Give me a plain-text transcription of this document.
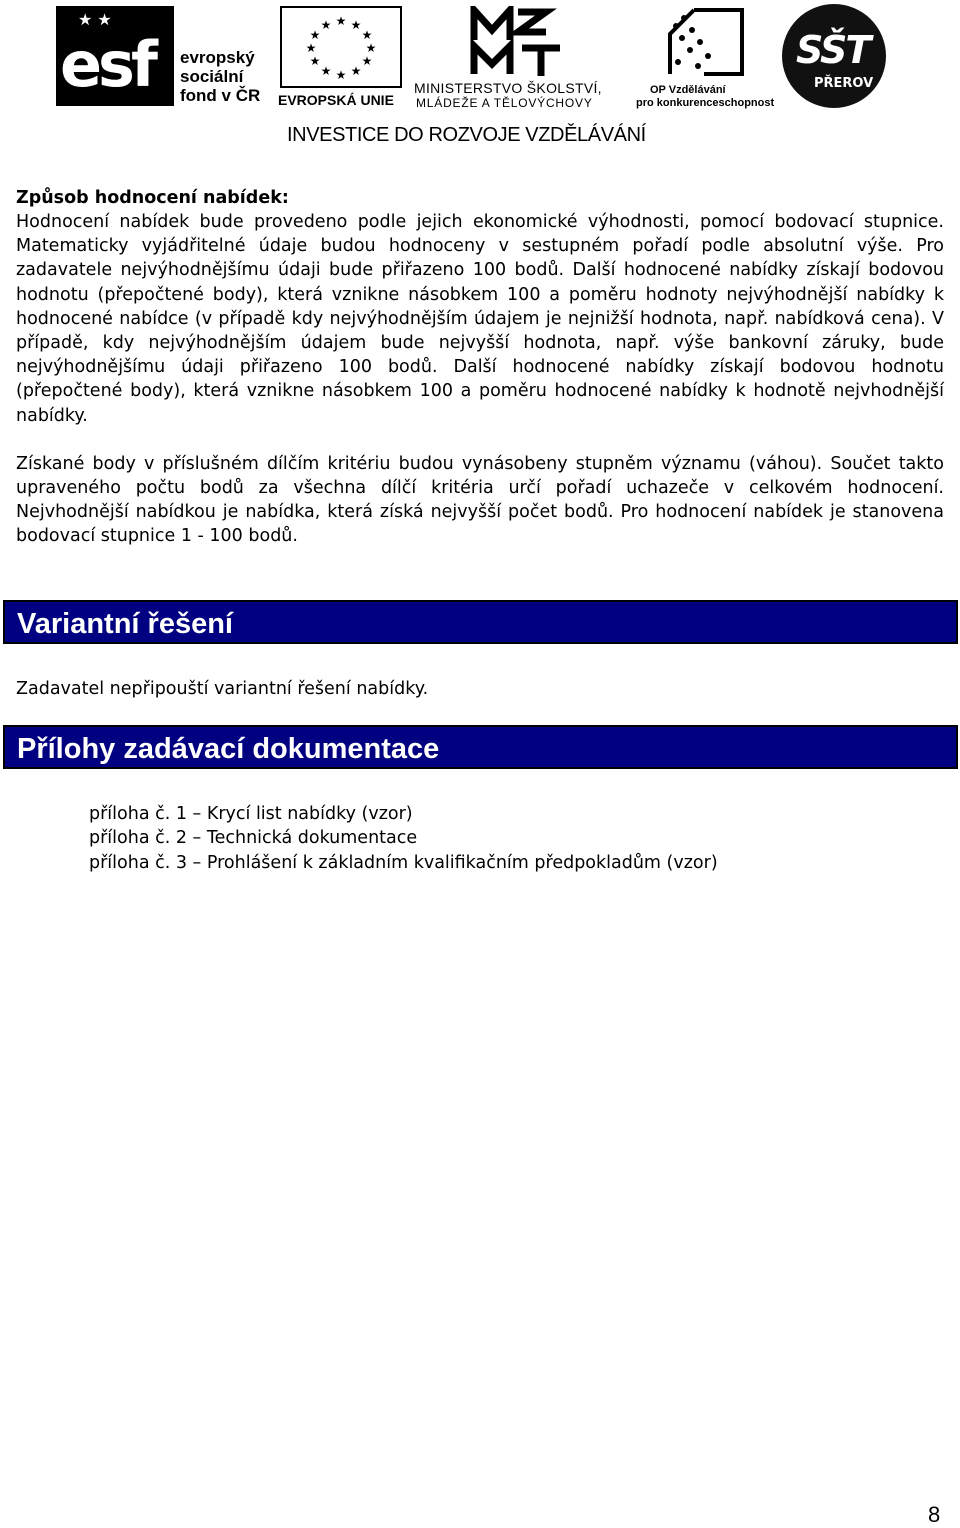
★ ★
esf evropský
sociální
fond v ČR
★ ★
★
★
★
★
★
★
★
★
★
★
EVROPSKÁ UNIE
MINISTERSTVO ŠKOLSTVÍ,
MLÁDEŽE A TĚLOVÝCHOVY
OP Vzdělávání
pro konkurenceschopnost
SŠT
PŘEROV
INVESTICE DO ROZVOJE VZDĚLÁVÁNÍ

Způsob hodnocení nabídek:

Hodnocení nabídek bude provedeno podle jejich ekonomické výhodnosti, pomocí bodovací stupnice. Matematicky vyjádřitelné údaje budou hodnoceny v sestupném pořadí podle absolutní výše. Pro zadavatele nejvýhodnějšímu údaji bude přiřazeno 100 bodů. Další hodnocené nabídky získají bodovou hodnotu (přepočtené body), která vznikne násobkem 100 a poměru hodnoty nejvýhodnější nabídky k hodnocené nabídce (v případě kdy nejvýhodnějším údajem je nejnižší hodnota, např. nabídková cena). V případě, kdy nejvýhodnějším údajem bude nejvyšší hodnota, např. výše bankovní záruky, bude nejvýhodnějšímu údaji přiřazeno 100 bodů. Další hodnocené nabídky získají bodovou hodnotu (přepočtené body), která vznikne násobkem 100 a poměru hodnocené nabídky k hodnotě nejvhodnější nabídky.

Získané body v příslušném dílčím kritériu budou vynásobeny stupněm významu (váhou). Součet takto upraveného počtu bodů za všechna dílčí kritéria určí pořadí uchazeče v celkovém hodnocení. Nejvhodnější nabídkou je nabídka, která získá nejvyšší počet bodů. Pro hodnocení nabídek je stanovena bodovací stupnice 1 - 100 bodů.

Variantní řešení
Zadavatel nepřipouští variantní řešení nabídky.
Přílohy zadávací dokumentace
příloha č. 1 – Krycí list nabídky (vzor)
příloha č. 2 – Technická dokumentace
příloha č. 3 – Prohlášení k základním kvalifikačním předpokladům (vzor)
8
